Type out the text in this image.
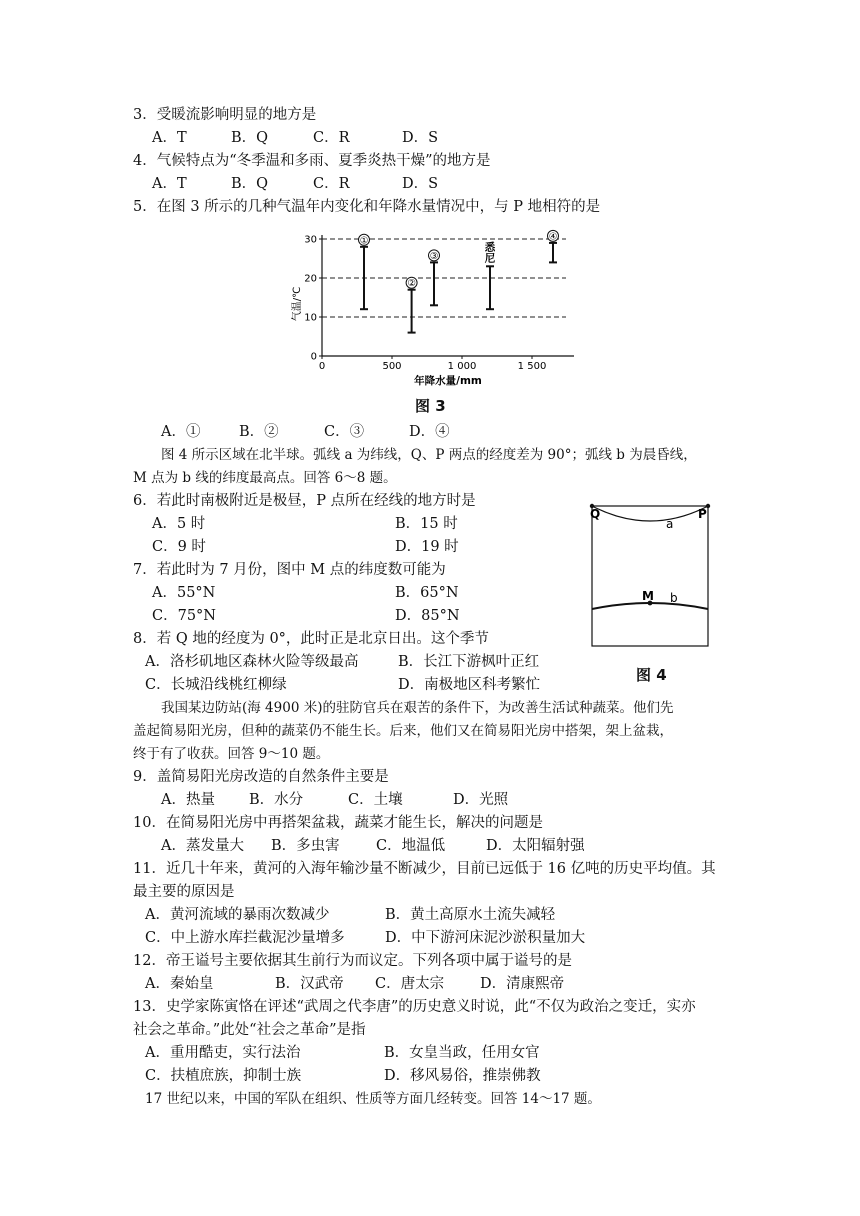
3．受暖流影响明显的地方是
A．T	B．Q	C．R	D．S
4．气候特点为“冬季温和多雨、夏季炎热干燥”的地方是
A．T	B．Q	C．R	D．S
5．在图 3 所示的几种气温年内变化和年降水量情况中，与 P 地相符的是
0
10
20
30
0	500	1 000	1 500
①
②
③
悉
尼
④
气温/℃
年降水量/mm
图 3
A．①	B．②	C．③	D．④
图 4 所示区域在北半球。弧线 a 为纬线，Q、P 两点的经度差为 90°；弧线 b 为晨昏线，
M 点为 b 线的纬度最高点。回答 6～8 题。
6．若此时南极附近是极昼，P 点所在经线的地方时是
A．5 时	B．15 时
C．9 时	D．19 时
7．若此时为 7 月份，图中 M 点的纬度数可能为
A．55°N	B．65°N
C．75°N	D．85°N
8．若 Q 地的经度为 0°，此时正是北京日出。这个季节
A．洛杉矶地区森林火险等级最高	B．长江下游枫叶正红
C．长城沿线桃红柳绿	D．南极地区科考繁忙
Q	P
a
M b
图 4
我国某边防站(海 4900 米)的驻防官兵在艰苦的条件下，为改善生活试种蔬菜。他们先
盖起简易阳光房，但种的蔬菜仍不能生长。后来，他们又在简易阳光房中搭架，架上盆栽，
终于有了收获。回答 9～10 题。
9．盖简易阳光房改造的自然条件主要是
A．热量 B．水分	C．土壤	D．光照
10．在简易阳光房中再搭架盆栽，蔬菜才能生长，解决的问题是
A．蒸发量大 B．多虫害	C．地温低	D．太阳辐射强
11．近几十年来，黄河的入海年输沙量不断减少，目前已远低于 16 亿吨的历史平均值。其
最主要的原因是
A．黄河流域的暴雨次数减少	B．黄土高原水土流失减轻
C．中上游水库拦截泥沙量增多	D．中下游河床泥沙淤积量加大
12．帝王谥号主要依据其生前行为而议定。下列各项中属于谥号的是
A．秦始皇	B．汉武帝 C．唐太宗 D．清康熙帝
13．史学家陈寅恪在评述“武周之代李唐”的历史意义时说，此“不仅为政治之变迁，实亦
社会之革命。”此处“社会之革命”是指
A．重用酷吏，实行法治	B．女皇当政，任用女官
C．扶植庶族，抑制士族	D．移风易俗，推崇佛教
17 世纪以来，中国的军队在组织、性质等方面几经转变。回答 14～17 题。
